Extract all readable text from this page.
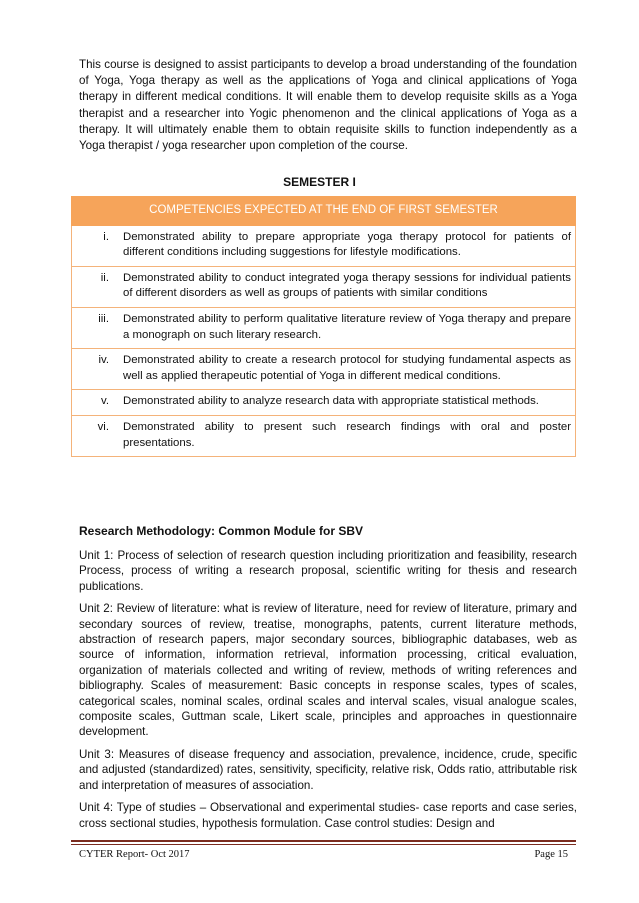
This course is designed to assist participants to develop a broad understanding of the foundation of Yoga, Yoga therapy as well as the applications of Yoga and clinical applications of Yoga therapy in different medical conditions. It will enable them to develop requisite skills as a Yoga therapist and a researcher into Yogic phenomenon and the clinical applications of Yoga as a therapy. It will ultimately enable them to obtain requisite skills to function independently as a Yoga therapist / yoga researcher upon completion of the course.

SEMESTER I

COMPETENCIES EXPECTED AT THE END OF FIRST SEMESTER	
i.	Demonstrated ability to prepare appropriate yoga therapy protocol for patients of different conditions including suggestions for lifestyle modifications.
ii.	Demonstrated ability to conduct integrated yoga therapy sessions for individual patients of different disorders as well as groups of patients with similar conditions
iii.	Demonstrated ability to perform qualitative literature review of Yoga therapy and prepare a monograph on such literary research.
iv.	Demonstrated ability to create a research protocol for studying fundamental aspects as well as applied therapeutic potential of Yoga in different medical conditions.
v.	Demonstrated ability to analyze research data with appropriate statistical methods.
vi.	Demonstrated ability to present such research findings with oral and poster presentations.
Research Methodology: Common Module for SBV

Unit 1: Process of selection of research question including prioritization and feasibility, research Process, process of writing a research proposal, scientific writing for thesis and research publications.

Unit 2: Review of literature: what is review of literature, need for review of literature, primary and secondary sources of review, treatise, monographs, patents, current literature methods, abstraction of research papers, major secondary sources, bibliographic databases, web as source of information, information retrieval, information processing, critical evaluation, organization of materials collected and writing of review, methods of writing references and bibliography. Scales of measurement: Basic concepts in response scales, types of scales, categorical scales, nominal scales, ordinal scales and interval scales, visual analogue scales, composite scales, Guttman scale, Likert scale, principles and approaches in questionnaire development.

Unit 3: Measures of disease frequency and association, prevalence, incidence, crude, specific and adjusted (standardized) rates, sensitivity, specificity, relative risk, Odds ratio, attributable risk and interpretation of measures of association.

Unit 4: Type of studies – Observational and experimental studies- case reports and case series, cross sectional studies, hypothesis formulation. Case control studies: Design and

CYTER Report- Oct 2017	Page 15
